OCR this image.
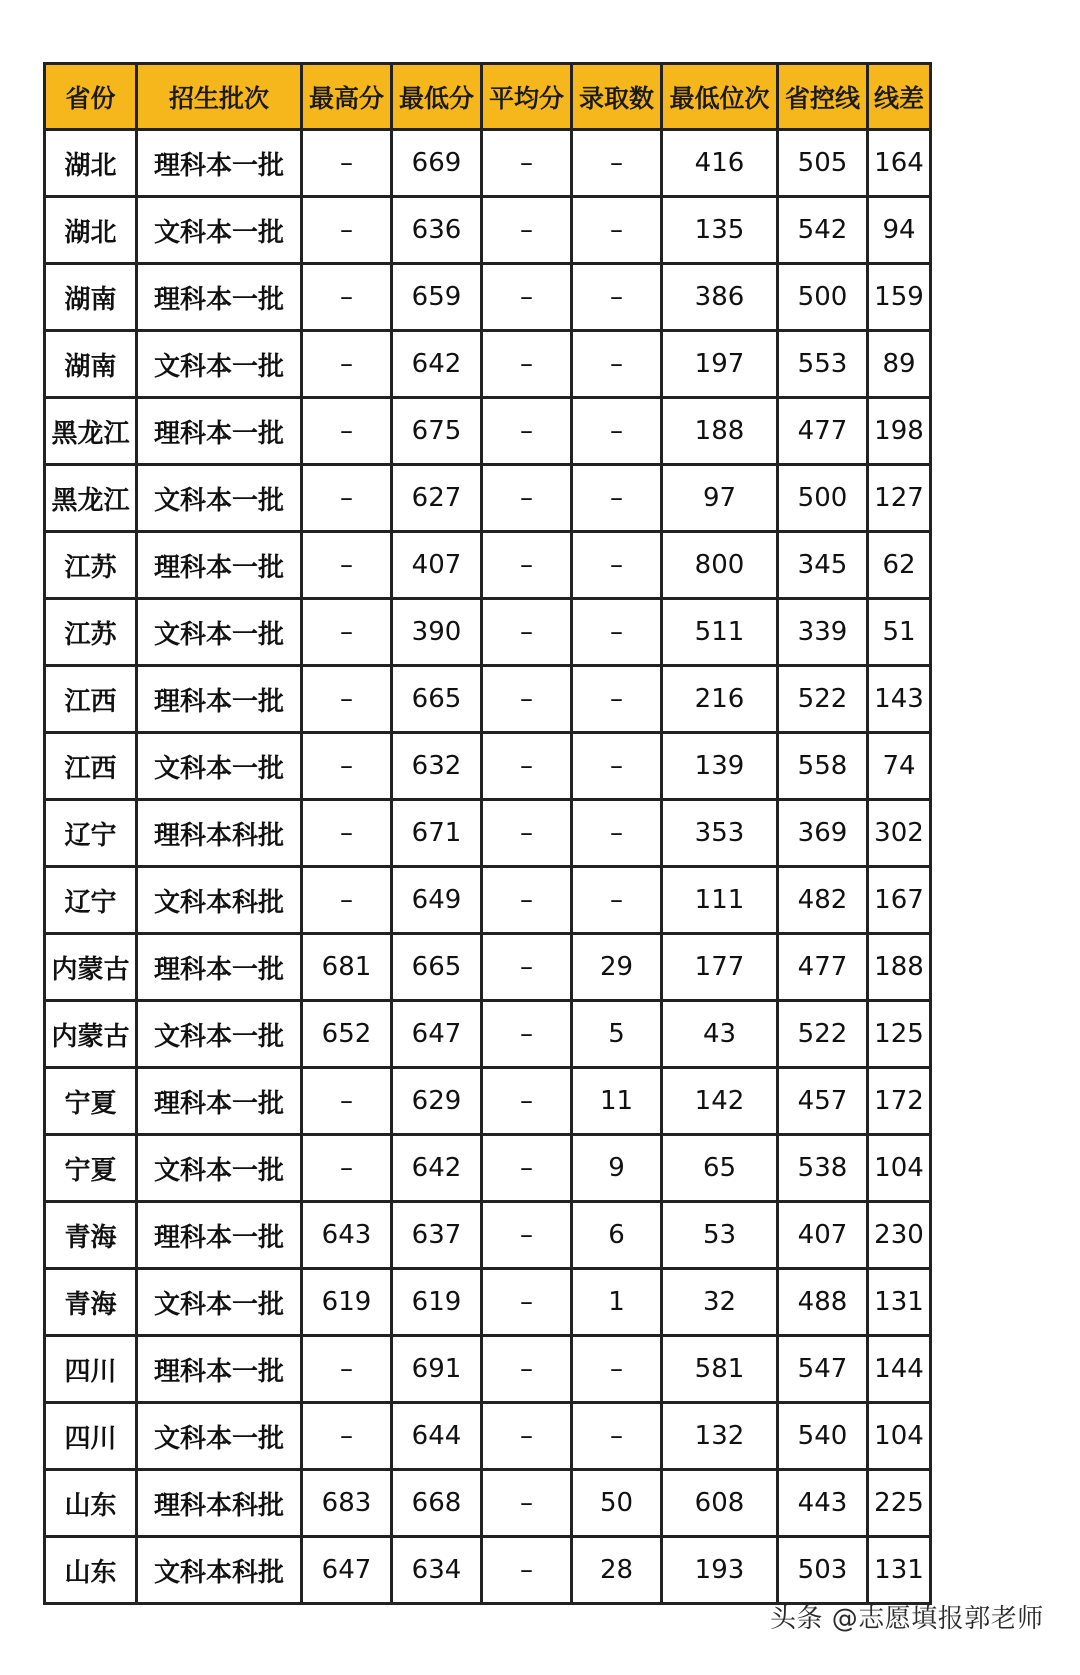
省份	招生批次	最高分	最低分	平均分	录取数	最低位次	省控线	线差
湖北	理科本一批	–	669	–	–	416	505	164
湖北	文科本一批	–	636	–	–	135	542	94
湖南	理科本一批	–	659	–	–	386	500	159
湖南	文科本一批	–	642	–	–	197	553	89
黑龙江	理科本一批	–	675	–	–	188	477	198
黑龙江	文科本一批	–	627	–	–	97	500	127
江苏	理科本一批	–	407	–	–	800	345	62
江苏	文科本一批	–	390	–	–	511	339	51
江西	理科本一批	–	665	–	–	216	522	143
江西	文科本一批	–	632	–	–	139	558	74
辽宁	理科本科批	–	671	–	–	353	369	302
辽宁	文科本科批	–	649	–	–	111	482	167
内蒙古	理科本一批	681	665	–	29	177	477	188
内蒙古	文科本一批	652	647	–	5	43	522	125
宁夏	理科本一批	–	629	–	11	142	457	172
宁夏	文科本一批	–	642	–	9	65	538	104
青海	理科本一批	643	637	–	6	53	407	230
青海	文科本一批	619	619	–	1	32	488	131
四川	理科本一批	–	691	–	–	581	547	144
四川	文科本一批	–	644	–	–	132	540	104
山东	理科本科批	683	668	–	50	608	443	225
山东	文科本科批	647	634	–	28	193	503	131
头条 @志愿填报郭老师
